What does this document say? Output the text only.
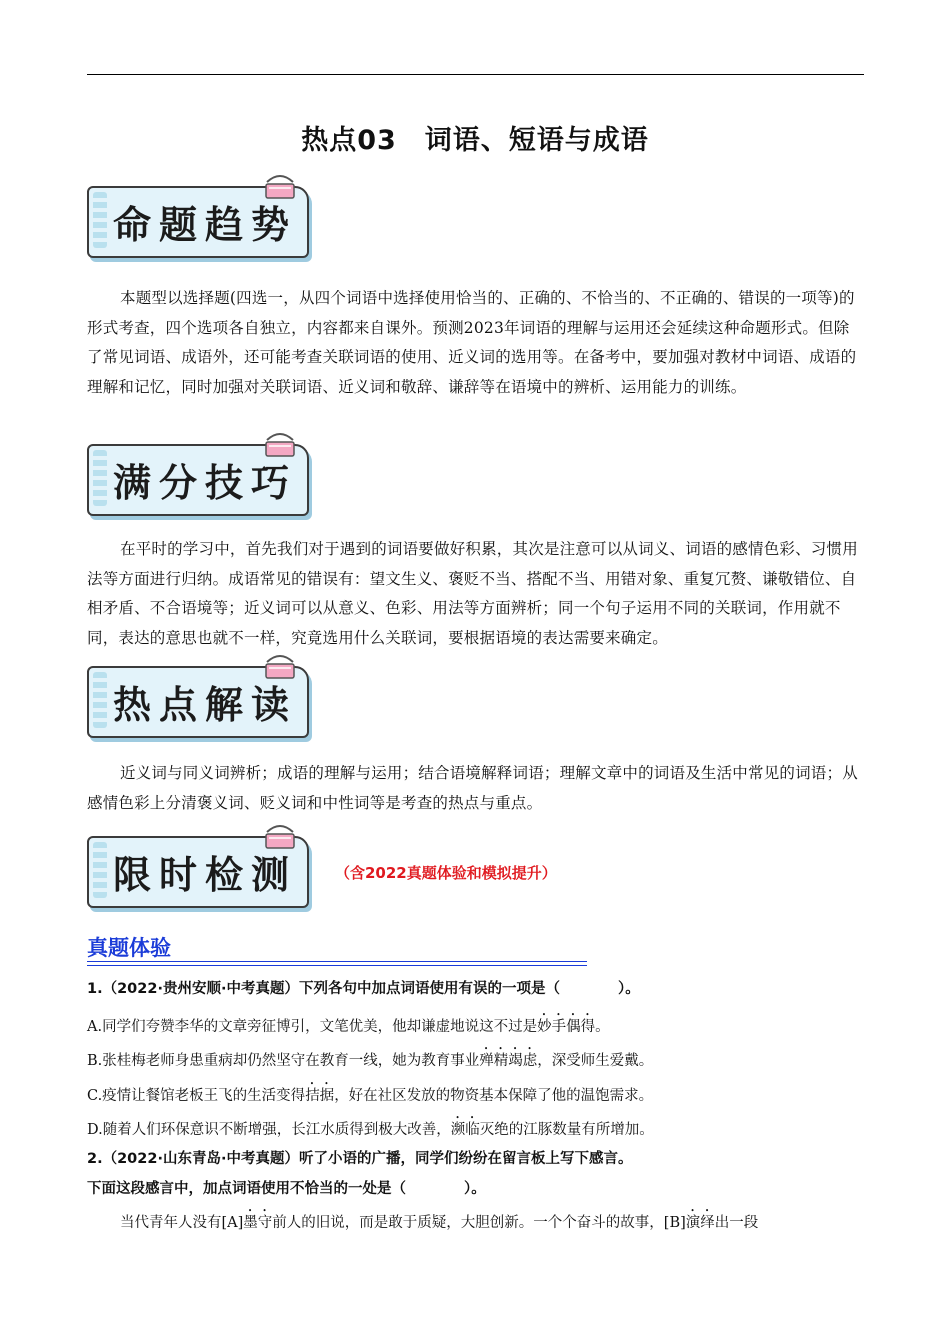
热点03　词语、短语与成语
命题趋势

本题型以选择题(四选一，从四个词语中选择使用恰当的、正确的、不恰当的、不正确的、错误的一项等)的形式考查，四个选项各自独立，内容都来自课外。预测2023年词语的理解与运用还会延续这种命题形式。但除了常见词语、成语外，还可能考查关联词语的使用、近义词的选用等。在备考中，要加强对教材中词语、成语的理解和记忆，同时加强对关联词语、近义词和敬辞、谦辞等在语境中的辨析、运用能力的训练。

满分技巧

在平时的学习中，首先我们对于遇到的词语要做好积累，其次是注意可以从词义、词语的感情色彩、习惯用法等方面进行归纳。成语常见的错误有：望文生义、褒贬不当、搭配不当、用错对象、重复冗赘、谦敬错位、自相矛盾、不合语境等；近义词可以从意义、色彩、用法等方面辨析；同一个句子运用不同的关联词，作用就不同，表达的意思也就不一样，究竟选用什么关联词，要根据语境的表达需要来确定。

热点解读

近义词与同义词辨析；成语的理解与运用；结合语境解释词语；理解文章中的词语及生活中常见的词语；从感情色彩上分清褒义词、贬义词和中性词等是考查的热点与重点。

限时检测	（含2022真题体验和模拟提升）
真题体验
1.（2022·贵州安顺·中考真题）下列各句中加点词语使用有误的一项是（　　　　）。
A.同学们夸赞李华的文章旁征博引，文笔优美，他却谦虚地说这不过是妙手偶得。
B.张桂梅老师身患重病却仍然坚守在教育一线，她为教育事业殚精竭虑，深受师生爱戴。
C.疫情让餐馆老板王飞的生活变得拮据，好在社区发放的物资基本保障了他的温饱需求。
D.随着人们环保意识不断增强，长江水质得到极大改善，濒临灭绝的江豚数量有所增加。
2.（2022·山东青岛·中考真题）听了小语的广播，同学们纷纷在留言板上写下感言。
下面这段感言中，加点词语使用不恰当的一处是（　　　　）。
当代青年人没有[A]墨守前人的旧说，而是敢于质疑，大胆创新。一个个奋斗的故事，[B]演绎出一段
